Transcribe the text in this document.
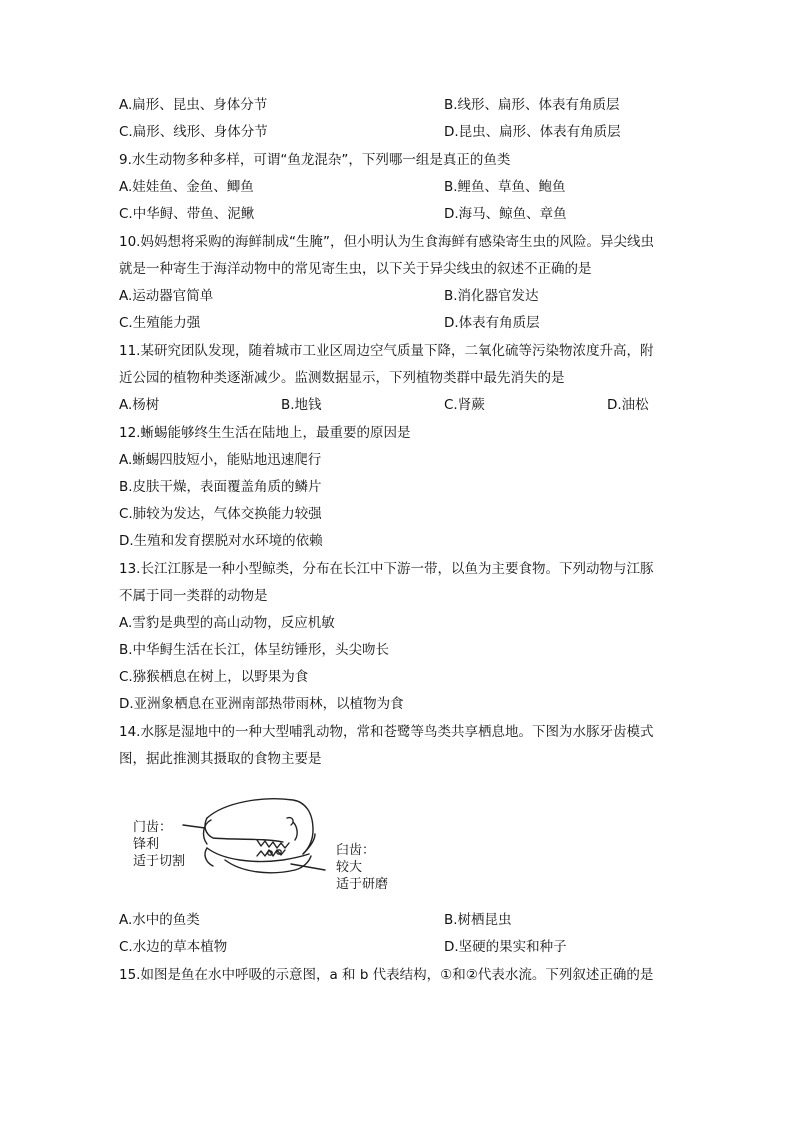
A.扁形、昆虫、身体分节	B.线形、扁形、体表有角质层
C.扁形、线形、身体分节	D.昆虫、扁形、体表有角质层
9.水生动物多种多样，可谓“鱼龙混杂”，下列哪一组是真正的鱼类
A.娃娃鱼、金鱼、鲫鱼	B.鲤鱼、草鱼、鲍鱼
C.中华鲟、带鱼、泥鳅	D.海马、鲸鱼、章鱼
10.妈妈想将采购的海鲜制成“生腌”，但小明认为生食海鲜有感染寄生虫的风险。异尖线虫
就是一种寄生于海洋动物中的常见寄生虫，以下关于异尖线虫的叙述不正确的是
A.运动器官简单	B.消化器官发达
C.生殖能力强	D.体表有角质层
11.某研究团队发现，随着城市工业区周边空气质量下降，二氧化硫等污染物浓度升高，附
近公园的植物种类逐渐减少。监测数据显示，下列植物类群中最先消失的是
A.杨树	B.地钱	C.肾蕨	D.油松
12.蜥蜴能够终生生活在陆地上，最重要的原因是
A.蜥蜴四肢短小，能贴地迅速爬行
B.皮肤干燥，表面覆盖角质的鳞片
C.肺较为发达，气体交换能力较强
D.生殖和发育摆脱对水环境的依赖
13.长江江豚是一种小型鲸类，分布在长江中下游一带，以鱼为主要食物。下列动物与江豚
不属于同一类群的动物是
A.雪豹是典型的高山动物，反应机敏
B.中华鲟生活在长江，体呈纺锤形，头尖吻长
C.猕猴栖息在树上，以野果为食
D.亚洲象栖息在亚洲南部热带雨林，以植物为食
14.水豚是湿地中的一种大型哺乳动物，常和苍鹭等鸟类共享栖息地。下图为水豚牙齿模式
图，据此推测其摄取的食物主要是
门齿：
锋利
适于切割
臼齿：
较大
适于研磨
A.水中的鱼类	B.树栖昆虫
C.水边的草本植物	D.坚硬的果实和种子
15.如图是鱼在水中呼吸的示意图，a 和 b 代表结构，①和②代表水流。下列叙述正确的是
